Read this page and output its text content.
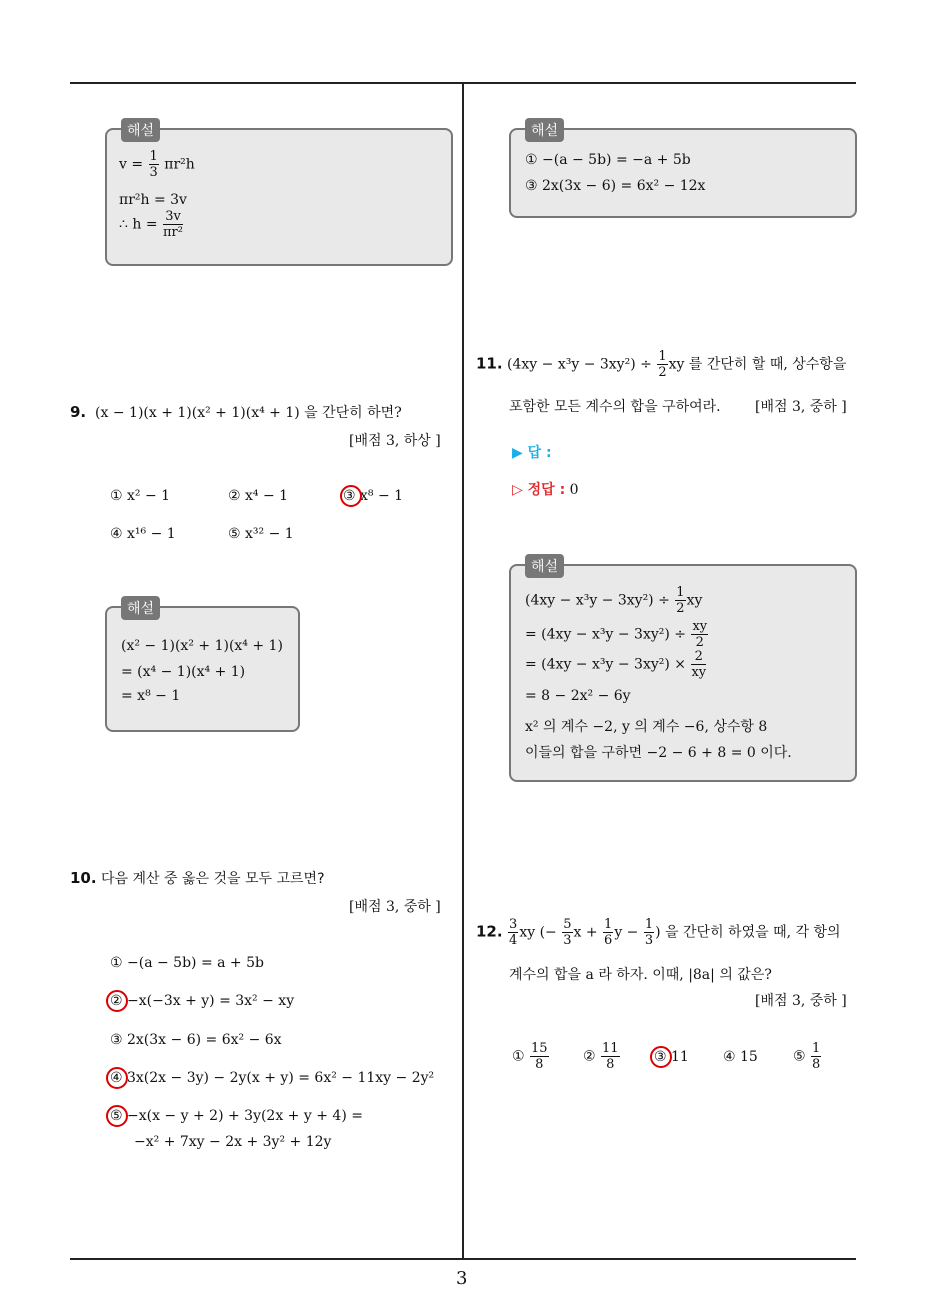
3
해설
$v = \frac{1}{3} \pi r^2h$
πr²h = 3v
∴ $h = \frac{3v}{\text{πr²}}$
9. (x − 1)(x + 1)(x² + 1)(x⁴ + 1) 을 간단히 하면?
[배점 3, 하상 ]
① x² − 1	② x⁴ − 1	③ x⁸ − 1
④ x¹⁶ − 1	⑤ x³² − 1
해설
(x² − 1)(x² + 1)(x⁴ + 1)
= (x⁴ − 1)(x⁴ + 1)
= x⁸ − 1
10. 다음 계산 중 옳은 것을 모두 고르면?
[배점 3, 중하 ]
① −(a − 5b) = a + 5b
② −x(−3x + y) = 3x² − xy
③ 2x(3x − 6) = 6x² − 6x
④ 3x(2x − 3y) − 2y(x + y) = 6x² − 11xy − 2y²
⑤ −x(x − y + 2) + 3y(2x + y + 4) =
−x² + 7xy − 2x + 3y² + 12y
해설
① −(a − 5b) = −a + 5b
③ 2x(3x − 6) = 6x² − 12x
11. $(4xy - x^3y - 3xy^2) \div \frac{1}{2}$ xy 를 간단히 할 때, 상수항을
포함한 모든 계수의 합을 구하여라. [배점 3, 중하 ]
▶ 답 :
▷ 정답 : 0
해설
$(4xy - x^3y - 3xy^2) \div \frac{1}{2}$ xy
= $(4xy - x^3y - 3xy^2) \div \frac{xy}{2}$
= $(4xy - x^3y - 3xy^2) \times \frac{2}{xy}$
= 8 − 2x² − 6y
x² 의 계수 −2, y 의 계수 −6, 상수항 8
이들의 합을 구하면 −2 − 6 + 8 = 0 이다.
12. $\frac{3}{4}$ xy (− $\frac{5}{3}$ $x + \frac{1}{6}$ $y - \frac{1}{3}$ ) 을 간단히 하였을 때, 각 항의
계수의 합을 a 라 하자. 이때, |8a| 의 값은?
[배점 3, 중하 ]
① $\frac{15}{8}$ ② $\frac{11}{8}$ ③ 11 ④ 15	⑤ $\frac{1}{8}$
